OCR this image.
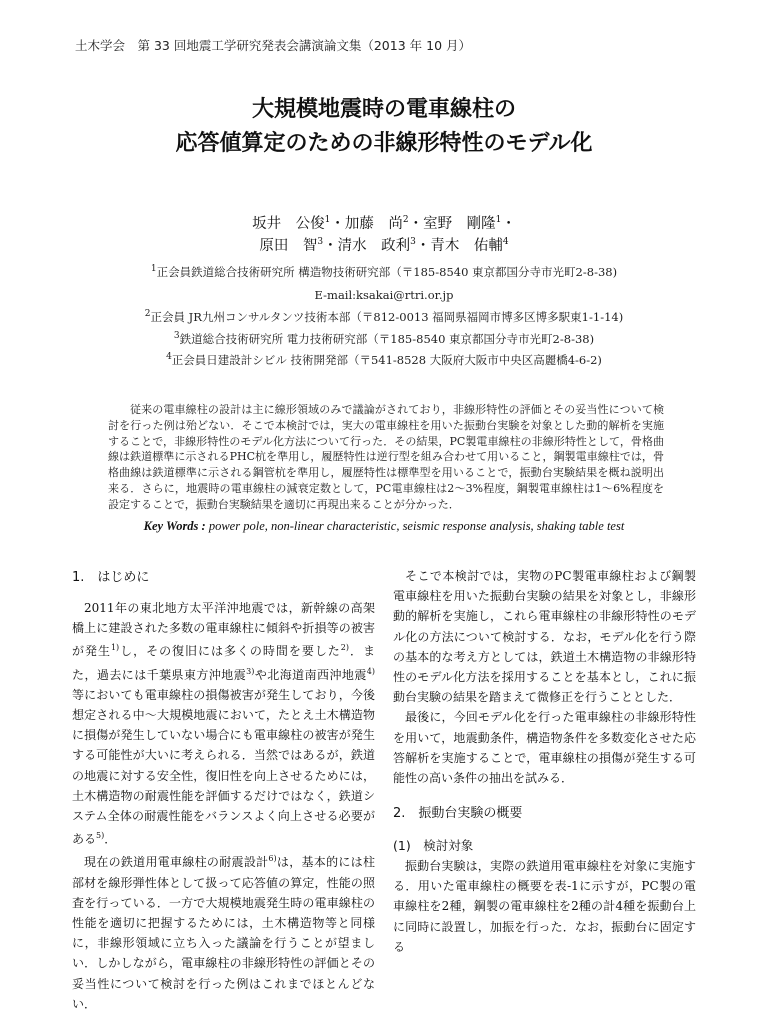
土木学会　第 33 回地震工学研究発表会講演論文集（2013 年 10 月）
大規模地震時の電車線柱の
応答値算定のための非線形特性のモデル化
坂井　公俊$^1$・加藤　尚$^2$・室野　剛隆$^1$・
原田　智$^3$・清水　政利$^3$・青木　佑輔$^4$
$^1$正会員鉄道総合技術研究所 構造物技術研究部（〒185-8540 東京都国分寺市光町2-8-38)
E-mail:ksakai@rtri.or.jp
$^2$正会員 JR九州コンサルタンツ技術本部（〒812-0013 福岡県福岡市博多区博多駅東1-1-14)
$^3$鉄道総合技術研究所 電力技術研究部（〒185-8540 東京都国分寺市光町2-8-38)
$^4$正会員日建設計シビル 技術開発部（〒541-8528 大阪府大阪市中央区高麗橋4-6-2)
従来の電車線柱の設計は主に線形領域のみで議論がされており，非線形特性の評価とその妥当性について検討を行った例は殆どない．そこで本検討では，実大の電車線柱を用いた振動台実験を対象とした動的解析を実施することで，非線形特性のモデル化方法について行った．その結果，PC製電車線柱の非線形特性として，骨格曲線は鉄道標準に示されるPHC杭を準用し，履歴特性は逆行型を組み合わせて用いること，鋼製電車線柱では，骨格曲線は鉄道標準に示される鋼管杭を準用し，履歴特性は標準型を用いることで，振動台実験結果を概ね説明出来る．さらに，地震時の電車線柱の減衰定数として，PC電車線柱は2～3%程度，鋼製電車線柱は1～6%程度を設定することで，振動台実験結果を適切に再現出来ることが分かった．
Key Words : power pole, non-linear characteristic, seismic response analysis, shaking table test
1.　はじめに

2011年の東北地方太平洋沖地震では，新幹線の高架橋上に建設された多数の電車線柱に傾斜や折損等の被害が発生$^{1)}$し，その復旧には多くの時間を要した$^{2)}$．また，過去には千葉県東方沖地震$^{3)}$や北海道南西沖地震$^{4)}$等においても電車線柱の損傷被害が発生しており，今後想定される中～大規模地震において，たとえ土木構造物に損傷が発生していない場合にも電車線柱の被害が発生する可能性が大いに考えられる．当然ではあるが，鉄道の地震に対する安全性，復旧性を向上させるためには，土木構造物の耐震性能を評価するだけではなく，鉄道システム全体の耐震性能をバランスよく向上させる必要がある$^{5)}$．

現在の鉄道用電車線柱の耐震設計$^{6)}$は，基本的には柱部材を線形弾性体として扱って応答値の算定，性能の照査を行っている．一方で大規模地震発生時の電車線柱の性能を適切に把握するためには，土木構造物等と同様に，非線形領域に立ち入った議論を行うことが望ましい．しかしながら，電車線柱の非線形特性の評価とその妥当性について検討を行った例はこれまでほとんどない．

そこで本検討では，実物のPC製電車線柱および鋼製電車線柱を用いた振動台実験の結果を対象とし，非線形動的解析を実施し，これら電車線柱の非線形特性のモデル化の方法について検討する．なお，モデル化を行う際の基本的な考え方としては，鉄道土木構造物の非線形特性のモデル化方法を採用することを基本とし，これに振動台実験の結果を踏まえて微修正を行うこととした．

最後に，今回モデル化を行った電車線柱の非線形特性を用いて，地震動条件，構造物条件を多数変化させた応答解析を実施することで，電車線柱の損傷が発生する可能性の高い条件の抽出を試みる．

2.　振動台実験の概要
(1)　検討対象

振動台実験は，実際の鉄道用電車線柱を対象に実施する．用いた電車線柱の概要を表-1に示すが，PC製の電車線柱を2種，鋼製の電車線柱を2種の計4種を振動台上に同時に設置し，加振を行った．なお，振動台に固定する
